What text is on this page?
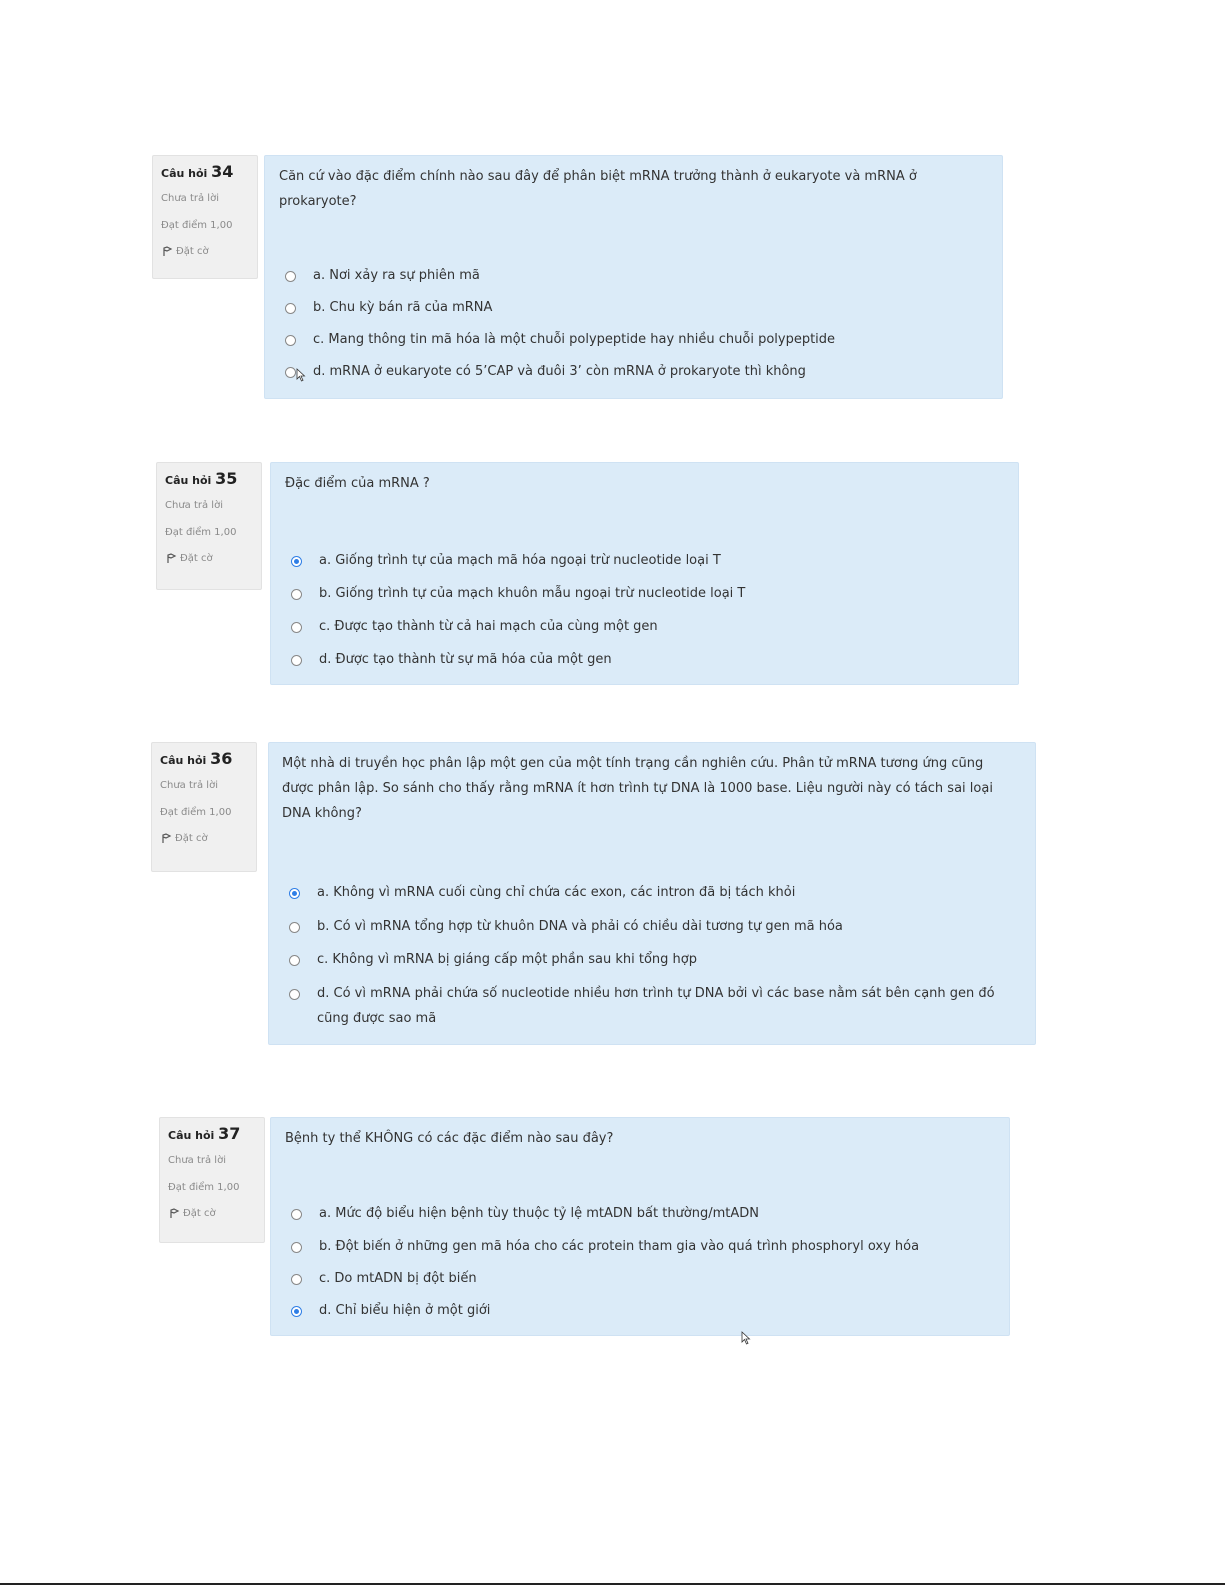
Câu hỏi 34
Chưa trả lời
Đạt điểm 1,00
Đặt cờ
Căn cứ vào đặc điểm chính nào sau đây để phân biệt mRNA trưởng thành ở eukaryote và mRNA ở prokaryote?
a. Nơi xảy ra sự phiên mã
b. Chu kỳ bán rã của mRNA
c. Mang thông tin mã hóa là một chuỗi polypeptide hay nhiều chuỗi polypeptide
d. mRNA ở eukaryote có 5’CAP và đuôi 3’ còn mRNA ở prokaryote thì không
Câu hỏi 35
Chưa trả lời
Đạt điểm 1,00
Đặt cờ
Đặc điểm của mRNA ?
a. Giống trình tự của mạch mã hóa ngoại trừ nucleotide loại T
b. Giống trình tự của mạch khuôn mẫu ngoại trừ nucleotide loại T
c. Được tạo thành từ cả hai mạch của cùng một gen
d. Được tạo thành từ sự mã hóa của một gen
Câu hỏi 36
Chưa trả lời
Đạt điểm 1,00
Đặt cờ
Một nhà di truyền học phân lập một gen của một tính trạng cần nghiên cứu. Phân tử mRNA tương ứng cũng được phân lập. So sánh cho thấy rằng mRNA ít hơn trình tự DNA là 1000 base. Liệu người này có tách sai loại DNA không?
a. Không vì mRNA cuối cùng chỉ chứa các exon, các intron đã bị tách khỏi
b. Có vì mRNA tổng hợp từ khuôn DNA và phải có chiều dài tương tự gen mã hóa
c. Không vì mRNA bị giáng cấp một phần sau khi tổng hợp
d. Có vì mRNA phải chứa số nucleotide nhiều hơn trình tự DNA bởi vì các base nằm sát bên cạnh gen đó cũng được sao mã
Câu hỏi 37
Chưa trả lời
Đạt điểm 1,00
Đặt cờ
Bệnh ty thể KHÔNG có các đặc điểm nào sau đây?
a. Mức độ biểu hiện bệnh tùy thuộc tỷ lệ mtADN bất thường/mtADN
b. Đột biến ở những gen mã hóa cho các protein tham gia vào quá trình phosphoryl oxy hóa
c. Do mtADN bị đột biến
d. Chỉ biểu hiện ở một giới
